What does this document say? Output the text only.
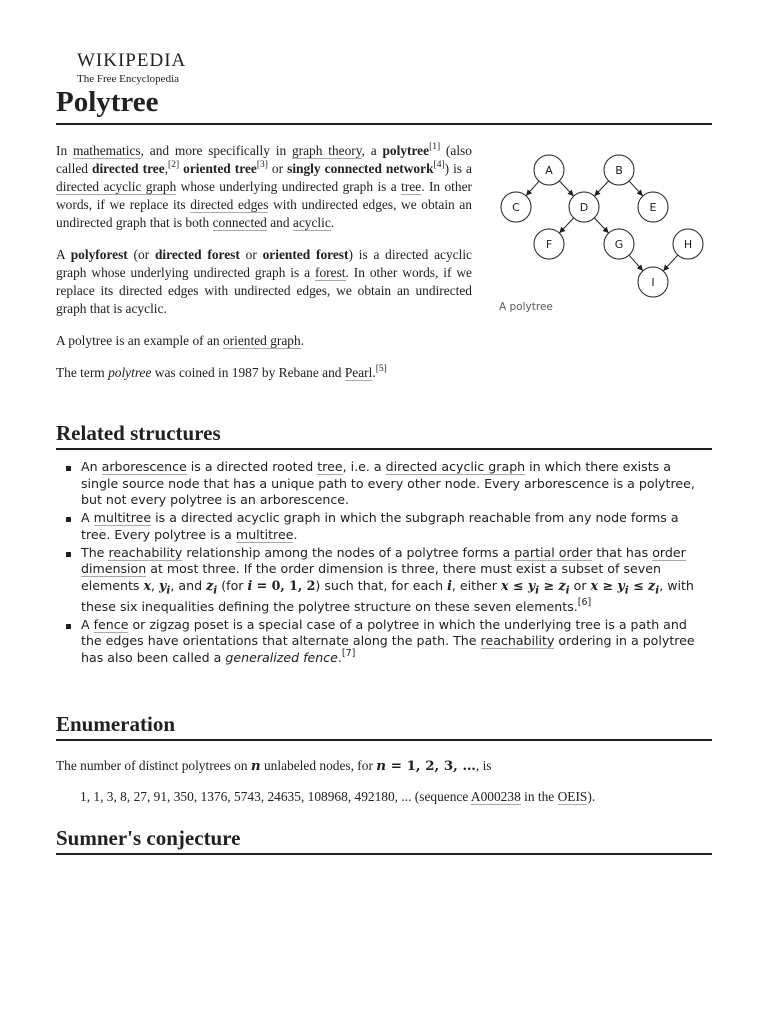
WIKIPEDIA
The Free Encyclopedia
Polytree

In mathematics, and more specifically in graph theory, a polytree[1] (also called directed tree,[2] oriented tree[3] or singly connected network[4]) is a directed acyclic graph whose underlying undirected graph is a tree. In other words, if we replace its directed edges with undirected edges, we obtain an undirected graph that is both connected and acyclic.

A polyforest (or directed forest or oriented forest) is a directed acyclic graph whose underlying undirected graph is a forest. In other words, if we replace its directed edges with undirected edges, we obtain an undirected graph that is acyclic.

A polytree is an example of an oriented graph.

The term polytree was coined in 1987 by Rebane and Pearl.[5]

A	B
C	D	E
F	G	H
I
A polytree
Related structures
An arborescence is a directed rooted tree, i.e. a directed acyclic graph in which there exists a single source node that has a unique path to every other node. Every arborescence is a polytree, but not every polytree is an arborescence.
A multitree is a directed acyclic graph in which the subgraph reachable from any node forms a tree. Every polytree is a multitree.
The reachability relationship among the nodes of a polytree forms a partial order that has order dimension at most three. If the order dimension is three, there must exist a subset of seven elements x, $y_i$, and $z_i$ (for i = 0, 1, 2) such that, for each i, either $x \le y_i \ge z_i$ or $x \ge y_i \le z_i$, with these six inequalities defining the polytree structure on these seven elements.[6]
A fence or zigzag poset is a special case of a polytree in which the underlying tree is a path and the edges have orientations that alternate along the path. The reachability ordering in a polytree has also been called a generalized fence.[7]
Enumeration

The number of distinct polytrees on n unlabeled nodes, for n = 1, 2, 3, …, is

1, 1, 3, 8, 27, 91, 350, 1376, 5743, 24635, 108968, 492180, ... (sequence A000238 in the OEIS).

Sumner's conjecture
